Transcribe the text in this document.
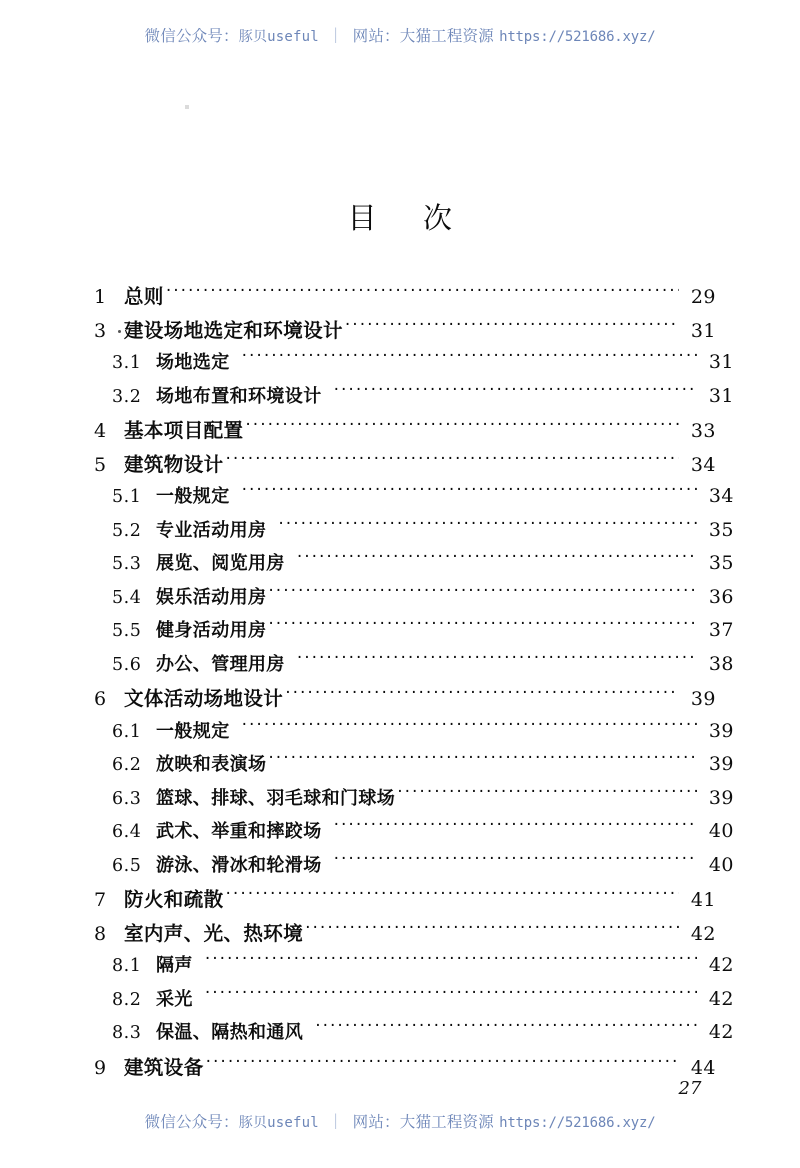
微信公众号：豚贝useful ｜ 网站：大猫工程资源 https://521686.xyz/
目 次
1 总则 ·····	29
3 建设场地选定和环境设计 ·····	31
3.1 场地选定 ·····	31
3.2 场地布置和环境设计 ·····	31
4 基本项目配置 ·····	33
5 建筑物设计 ·····	34
5.1 一般规定 ·····	34
5.2 专业活动用房 ·····	35
5.3 展览、阅览用房 ·····	35
5.4 娱乐活动用房 ·····	36
5.5 健身活动用房 ·····	37
5.6 办公、管理用房 ·····	38
6 文体活动场地设计 ·····	39
6.1 一般规定 ·····	39
6.2 放映和表演场 ·····	39
6.3 篮球、排球、羽毛球和门球场 ·····	39
6.4 武术、举重和摔跤场 ·····	40
6.5 游泳、滑冰和轮滑场 ·····	40
7 防火和疏散 ·····	41
8 室内声、光、热环境 ·····	42
8.1 隔声 ·····	42
8.2 采光 ·····	42
8.3 保温、隔热和通风 ·····	42
9 建筑设备 ·····	44
27
微信公众号：豚贝useful ｜ 网站：大猫工程资源 https://521686.xyz/
